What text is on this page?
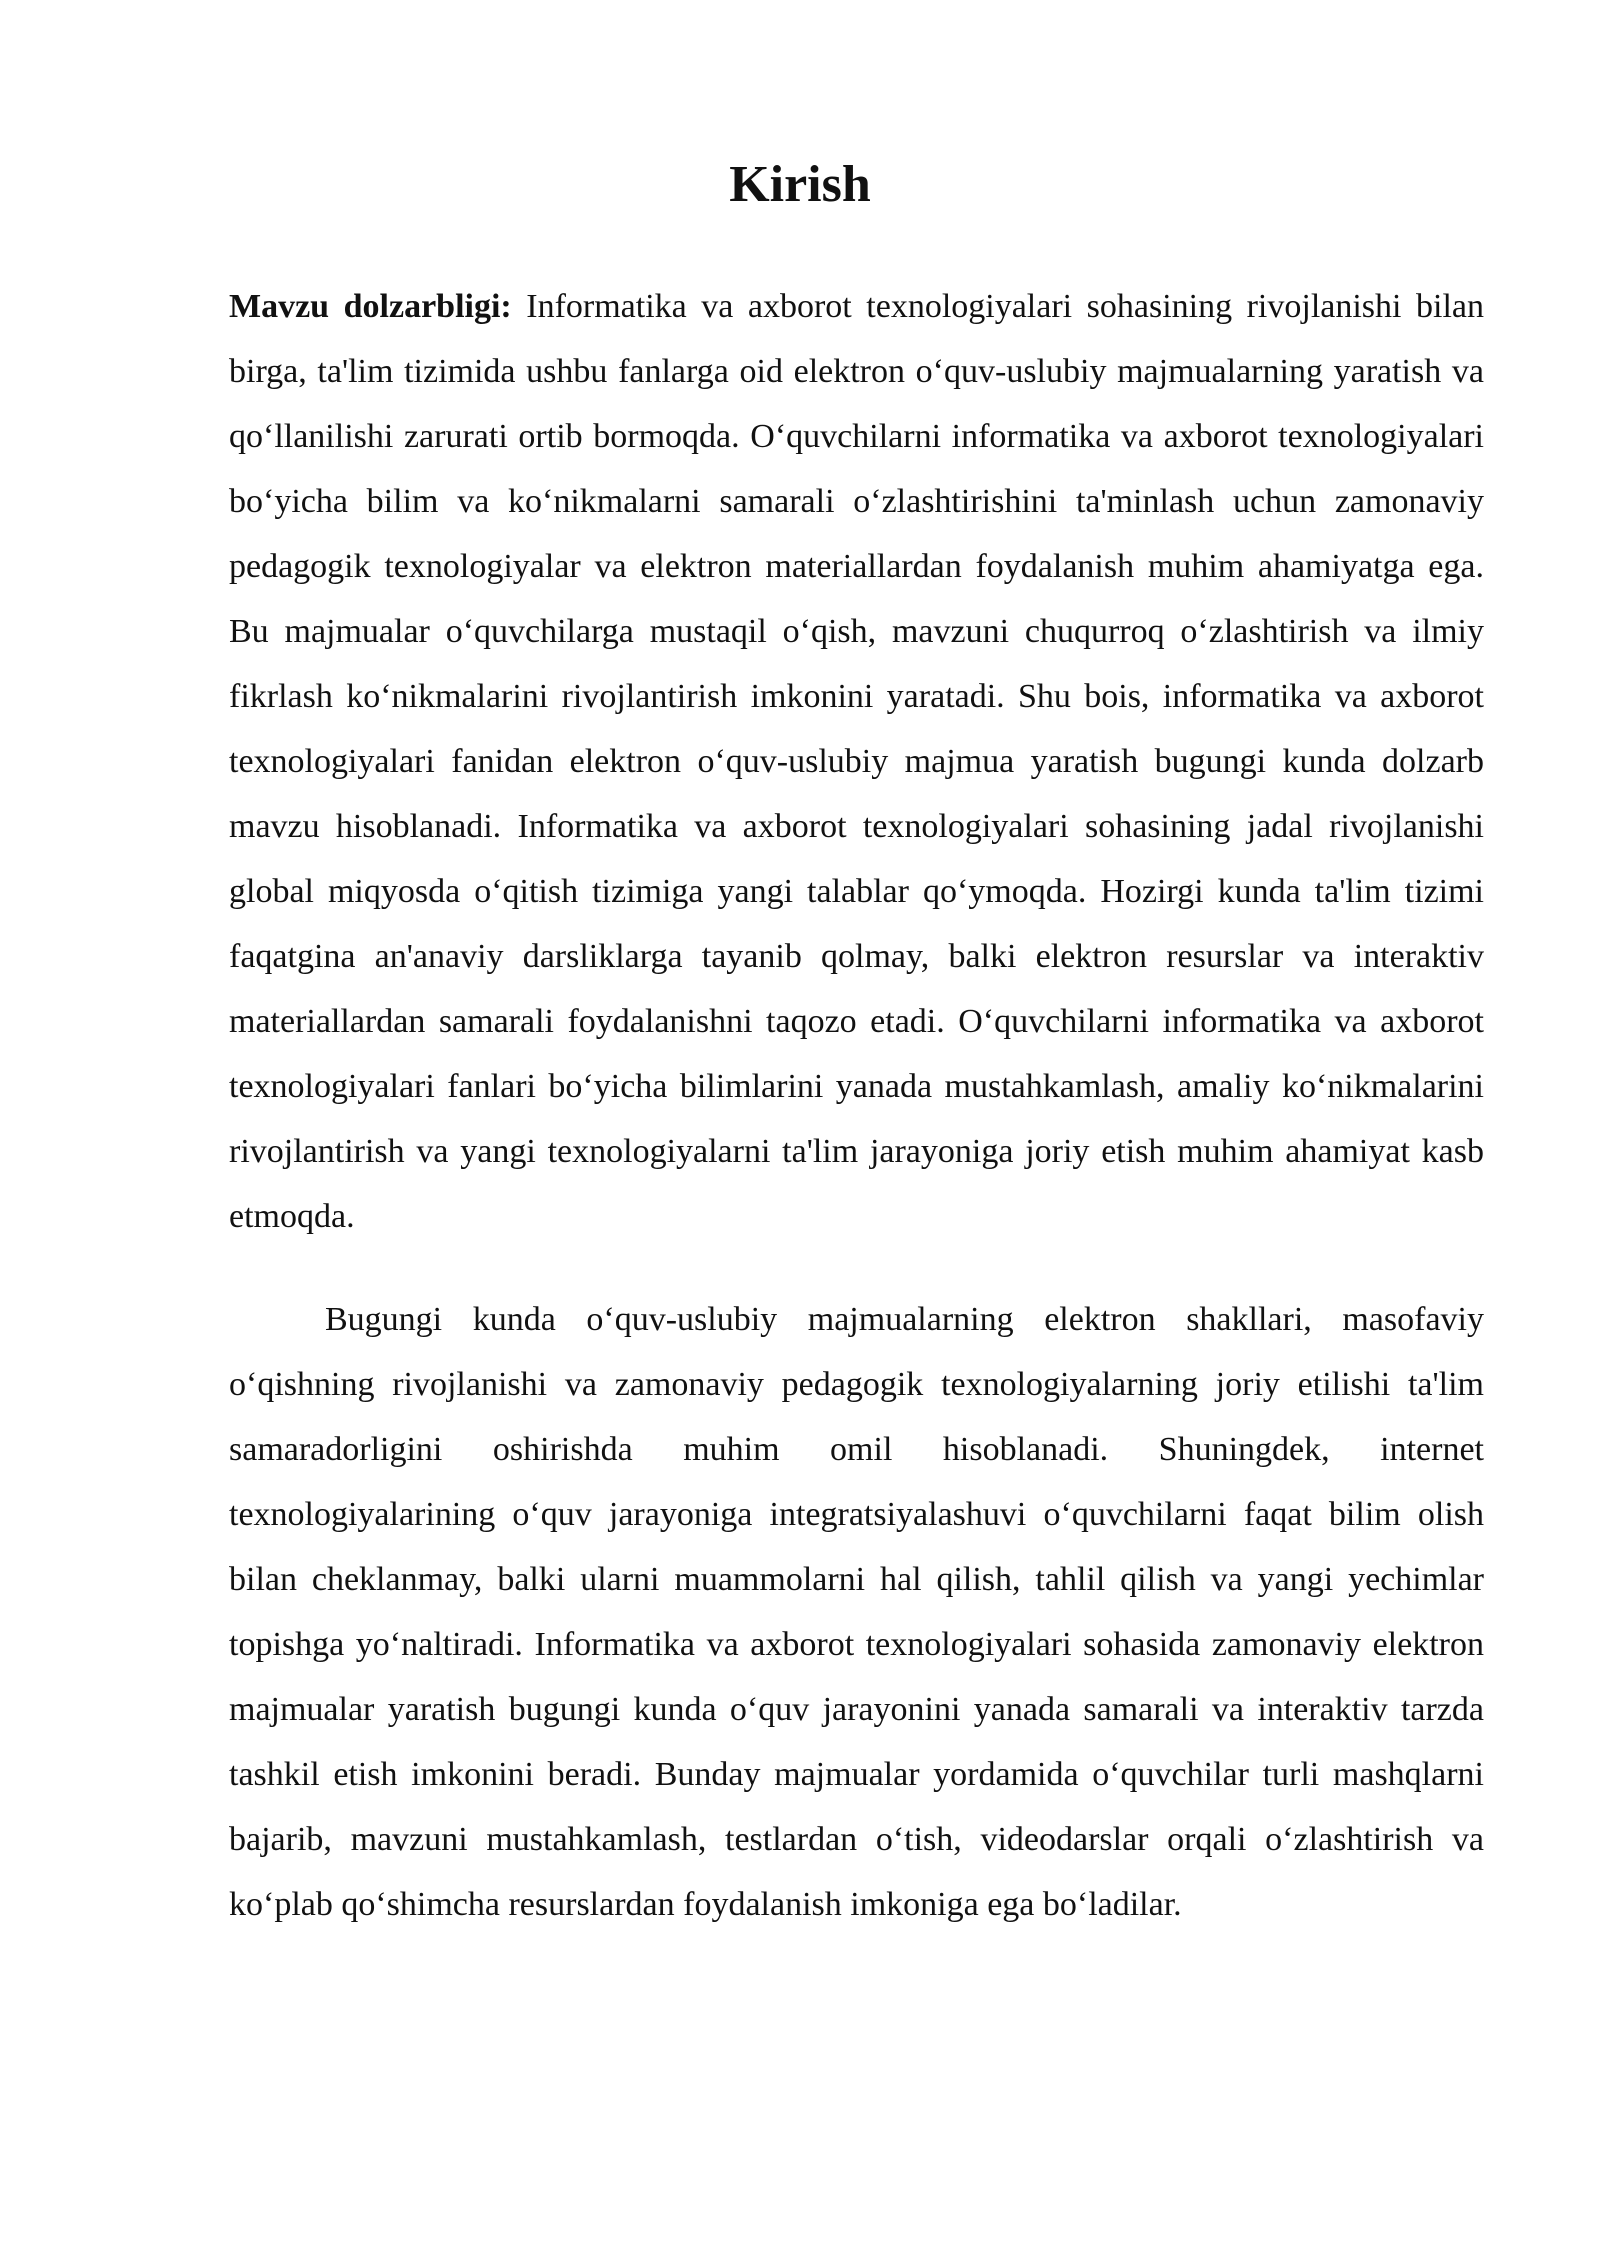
Kirish

Mavzu dolzarbligi: Informatika va axborot texnologiyalari sohasining rivojlanishi bilan birga, ta'lim tizimida ushbu fanlarga oid elektron o‘quv-uslubiy majmualarning yaratish va qo‘llanilishi zarurati ortib bormoqda. O‘quvchilarni informatika va axborot texnologiyalari bo‘yicha bilim va ko‘nikmalarni samarali o‘zlashtirishini ta'minlash uchun zamonaviy pedagogik texnologiyalar va elektron materiallardan foydalanish muhim ahamiyatga ega. Bu majmualar o‘quvchilarga mustaqil o‘qish, mavzuni chuqurroq o‘zlashtirish va ilmiy fikrlash ko‘nikmalarini rivojlantirish imkonini yaratadi. Shu bois, informatika va axborot texnologiyalari fanidan elektron o‘quv-uslubiy majmua yaratish bugungi kunda dolzarb mavzu hisoblanadi. Informatika va axborot texnologiyalari sohasining jadal rivojlanishi global miqyosda o‘qitish tizimiga yangi talablar qo‘ymoqda. Hozirgi kunda ta'lim tizimi faqatgina an'anaviy darsliklarga tayanib qolmay, balki elektron resurslar va interaktiv materiallardan samarali foydalanishni taqozo etadi. O‘quvchilarni informatika va axborot texnologiyalari fanlari bo‘yicha bilimlarini yanada mustahkamlash, amaliy ko‘nikmalarini rivojlantirish va yangi texnologiyalarni ta'lim jarayoniga joriy etish muhim ahamiyat kasb etmoqda.

Bugungi kunda o‘quv-uslubiy majmualarning elektron shakllari, masofaviy o‘qishning rivojlanishi va zamonaviy pedagogik texnologiyalarning joriy etilishi ta'lim samaradorligini oshirishda muhim omil hisoblanadi. Shuningdek, internet texnologiyalarining o‘quv jarayoniga integratsiyalashuvi o‘quvchilarni faqat bilim olish bilan cheklanmay, balki ularni muammolarni hal qilish, tahlil qilish va yangi yechimlar topishga yo‘naltiradi. Informatika va axborot texnologiyalari sohasida zamonaviy elektron majmualar yaratish bugungi kunda o‘quv jarayonini yanada samarali va interaktiv tarzda tashkil etish imkonini beradi. Bunday majmualar yordamida o‘quvchilar turli mashqlarni bajarib, mavzuni mustahkamlash, testlardan o‘tish, videodarslar orqali o‘zlashtirish va ko‘plab qo‘shimcha resurslardan foydalanish imkoniga ega bo‘ladilar.
